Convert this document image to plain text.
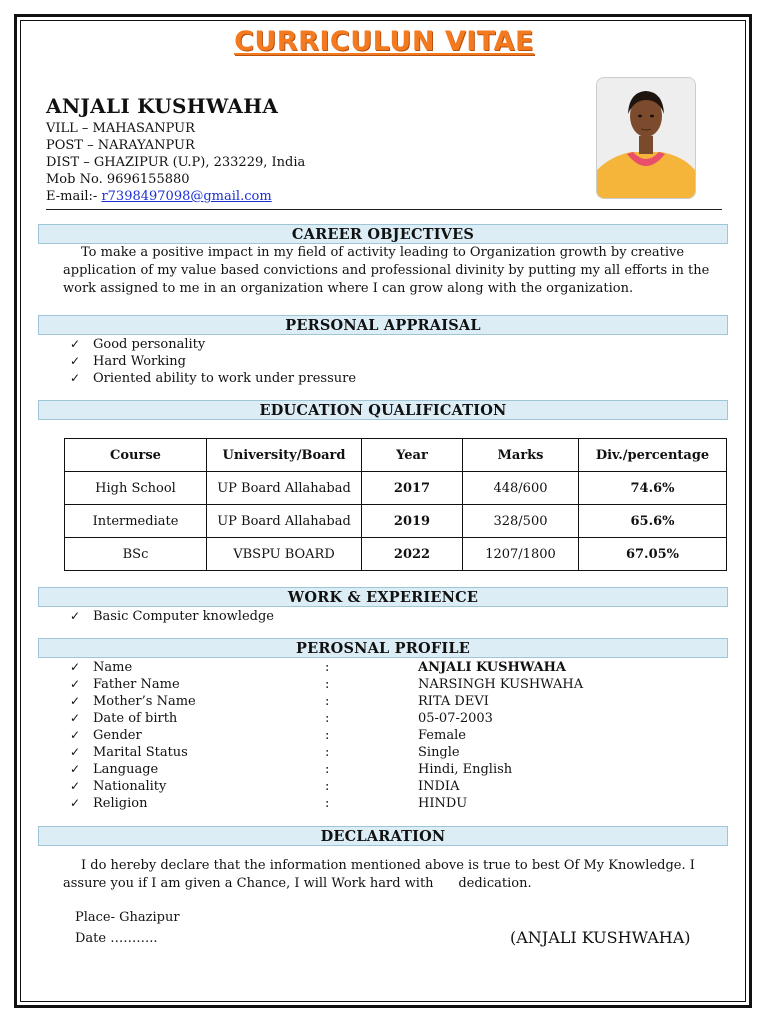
CURRICULUN VITAE
ANJALI KUSHWAHA
VILL – MAHASANPUR
POST – NARAYANPUR
DIST – GHAZIPUR (U.P), 233229, India
Mob No. 9696155880
E-mail:- r7398497098@gmail.com
CAREER OBJECTIVES
To make a positive impact in my field of activity leading to Organization growth by creative
application of my value based convictions and professional divinity by putting my all efforts in the
work assigned to me in an organization where I can grow along with the organization.
PERSONAL APPRAISAL
✓ Good personality
✓ Hard Working
✓ Oriented ability to work under pressure
EDUCATION QUALIFICATION
Course	University/Board	Year	Marks	Div./percentage
High School	UP Board Allahabad	2017	448/600	74.6%
Intermediate	UP Board Allahabad	2019	328/500	65.6%
BSc	VBSPU BOARD	2022	1207/1800	67.05%
WORK & EXPERIENCE
✓ Basic Computer knowledge
PEROSNAL PROFILE
✓ Name	:	ANJALI KUSHWAHA
✓ Father Name	:	NARSINGH KUSHWAHA
✓ Mother’s Name	:	RITA DEVI
✓ Date of birth	:	05-07-2003
✓ Gender	:	Female
✓ Marital Status	:	Single
✓ Language	:	Hindi, English
✓ Nationality	:	INDIA
✓ Religion	:	HINDU
DECLARATION
I do hereby declare that the information mentioned above is true to best Of My Knowledge. I
assure you if I am given a Chance, I will Work hard with      dedication.
Place- Ghazipur
Date ………..	(ANJALI KUSHWAHA)
